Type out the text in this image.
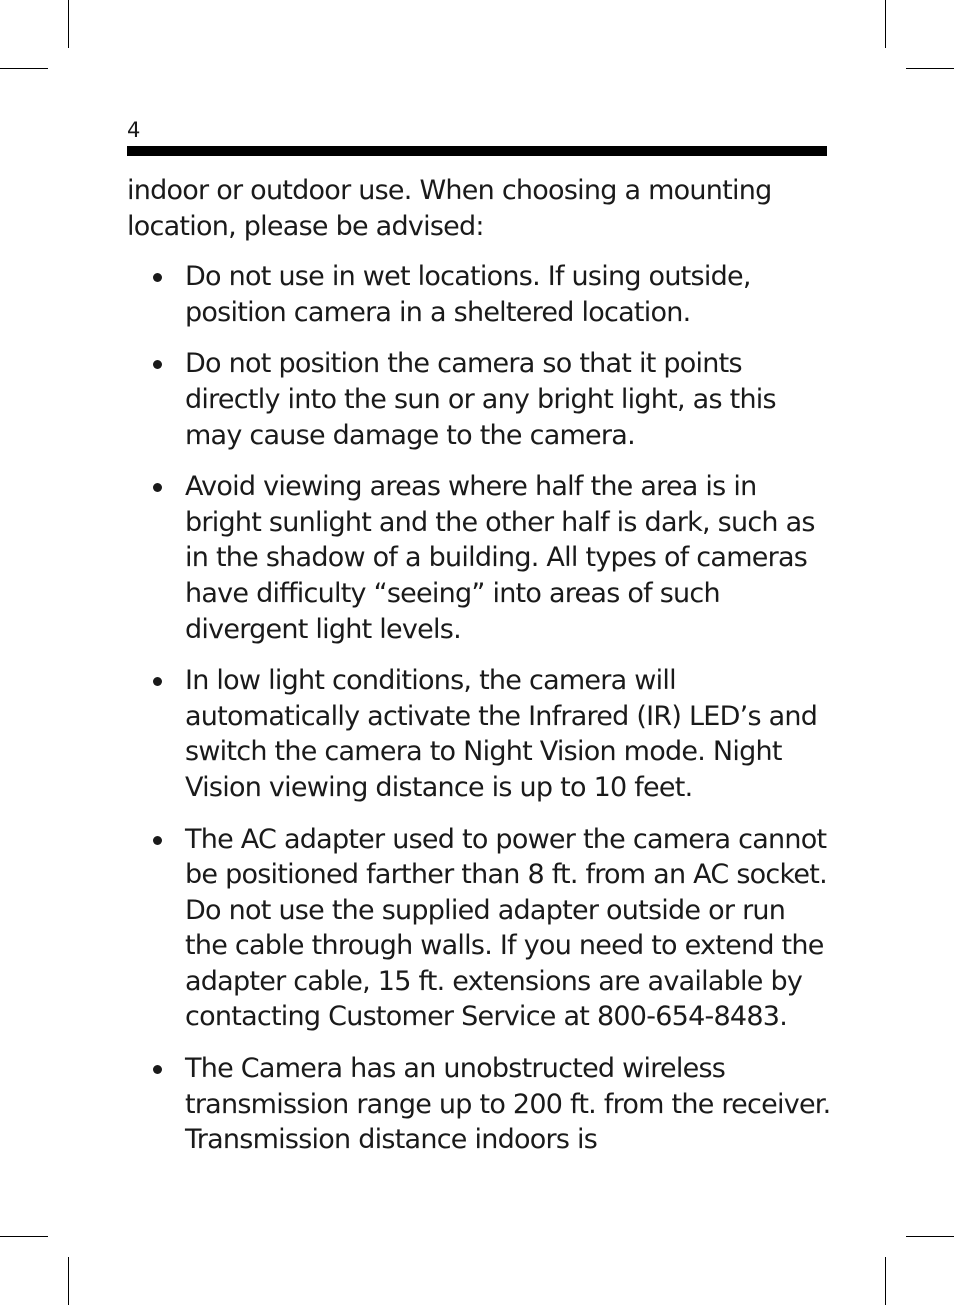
4

indoor or outdoor use. When choosing a mounting location, please be advised:

Do not use in wet locations. If using outside, position camera in a sheltered location.
Do not position the camera so that it points directly into the sun or any bright light, as this may cause damage to the camera.
Avoid viewing areas where half the area is in bright sunlight and the other half is dark, such as in the shadow of a building. All types of cameras have difficulty “seeing” into areas of such divergent light levels.
In low light conditions, the camera will automatically activate the Infrared (IR) LED’s and switch the camera to Night Vision mode. Night Vision viewing distance is up to 10 feet.
The AC adapter used to power the camera cannot be positioned farther than 8 ft. from an AC socket. Do not use the supplied adapter outside or run the cable through walls. If you need to extend the adapter cable, 15 ft. extensions are available by contacting Customer Service at 800-654-8483.
The Camera has an unobstructed wireless transmission range up to 200 ft. from the receiver. Transmission distance indoors is
